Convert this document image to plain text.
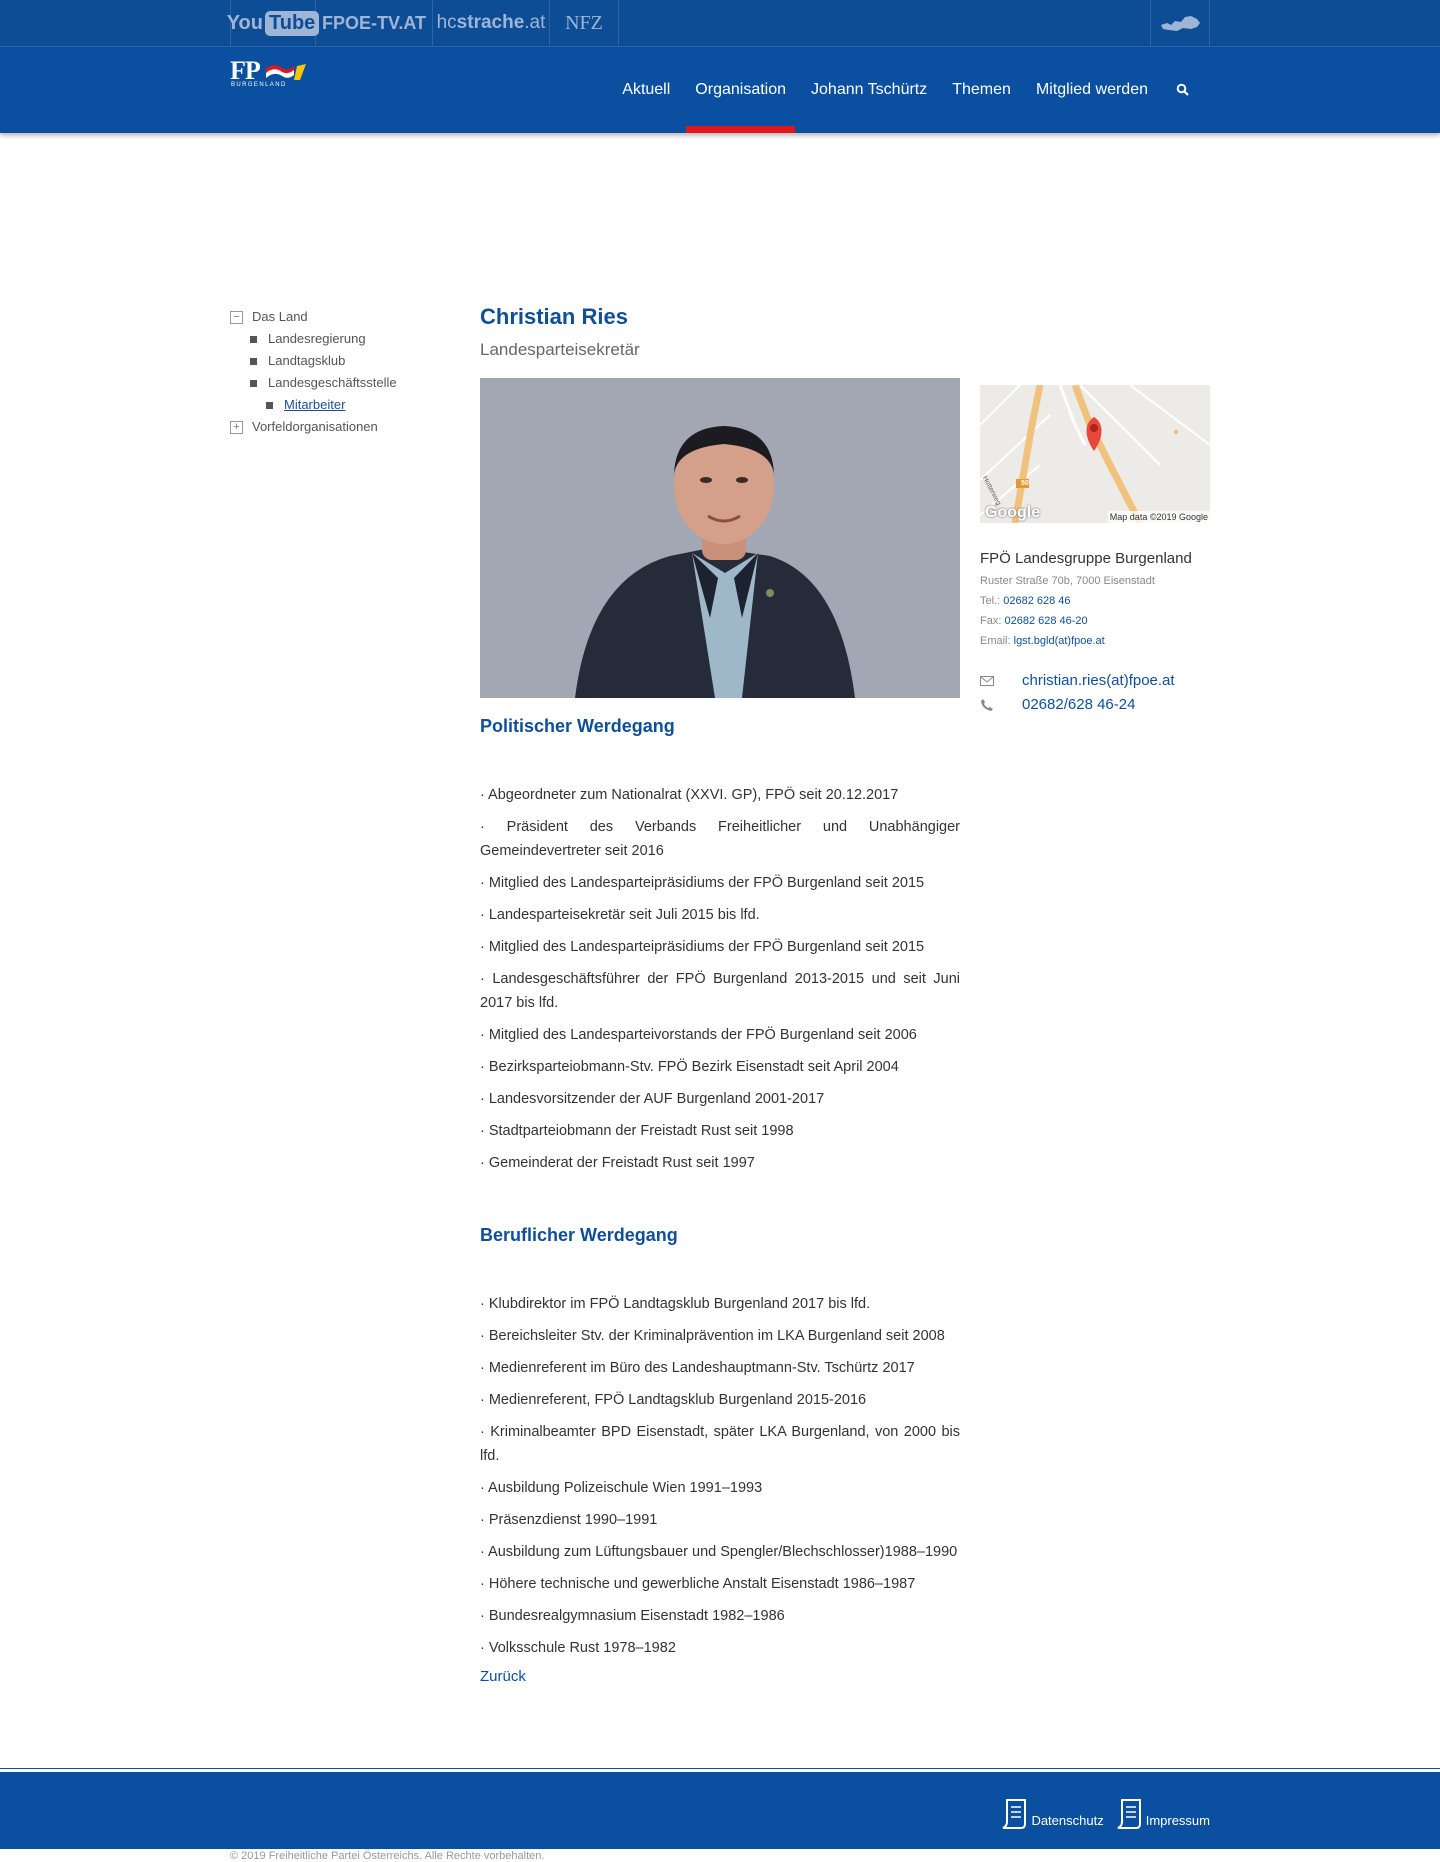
You Tube FPOE-TV.AT hc strache .at NFZ
FP
BURGENLAND	Aktuell Organisation Johann Tschürtz Themen Mitglied werden
− Das Land
Landesregierung
Landtagsklub
Landesgeschäftsstelle
Mitarbeiter
+ Vorfeldorganisationen
Christian Ries

Landesparteisekretär

Politischer Werdegang
· Abgeordneter zum Nationalrat (XXVI. GP), FPÖ seit 20.12.2017
· Präsident des Verbands Freiheitlicher und Unabhängiger Gemeindevertreter seit 2016
· Mitglied des Landesparteipräsidiums der FPÖ Burgenland seit 2015
· Landesparteisekretär seit Juli 2015 bis lfd.
· Mitglied des Landesparteipräsidiums der FPÖ Burgenland seit 2015
· Landesgeschäftsführer der FPÖ Burgenland 2013-2015 und seit Juni 2017 bis lfd.
· Mitglied des Landesparteivorstands der FPÖ Burgenland seit 2006
· Bezirksparteiobmann-Stv. FPÖ Bezirk Eisenstadt seit April 2004
· Landesvorsitzender der AUF Burgenland 2001-2017
· Stadtparteiobmann der Freistadt Rust seit 1998
· Gemeinderat der Freistadt Rust seit 1997
Beruflicher Werdegang
· Klubdirektor im FPÖ Landtagsklub Burgenland 2017 bis lfd.
· Bereichsleiter Stv. der Kriminalprävention im LKA Burgenland seit 2008
· Medienreferent im Büro des Landeshauptmann-Stv. Tschürtz 2017
· Medienreferent, FPÖ Landtagsklub Burgenland 2015-2016
· Kriminalbeamter BPD Eisenstadt, später LKA Burgenland, von 2000 bis lfd.
· Ausbildung Polizeischule Wien 1991–1993
· Präsenzdienst 1990–1991
· Ausbildung zum Lüftungsbauer und Spengler/Blechschlosser)1988–1990
· Höhere technische und gewerbliche Anstalt Eisenstadt 1986–1987
· Bundesrealgymnasium Eisenstadt 1982–1986
· Volksschule Rust 1978–1982
Zurück
50
Hotterweg
Google	Map data ©2019 Google
FPÖ Landesgruppe Burgenland
Ruster Straße 70b, 7000 Eisenstadt
Tel.: 02682 628 46
Fax: 02682 628 46-20
Email: lgst.bgld(at)fpoe.at
christian.ries(at)fpoe.at
02682/628 46-24
© 2019 Freiheitliche Partei Österreichs. Alle Rechte vorbehalten.
Datenschutz	Impressum
